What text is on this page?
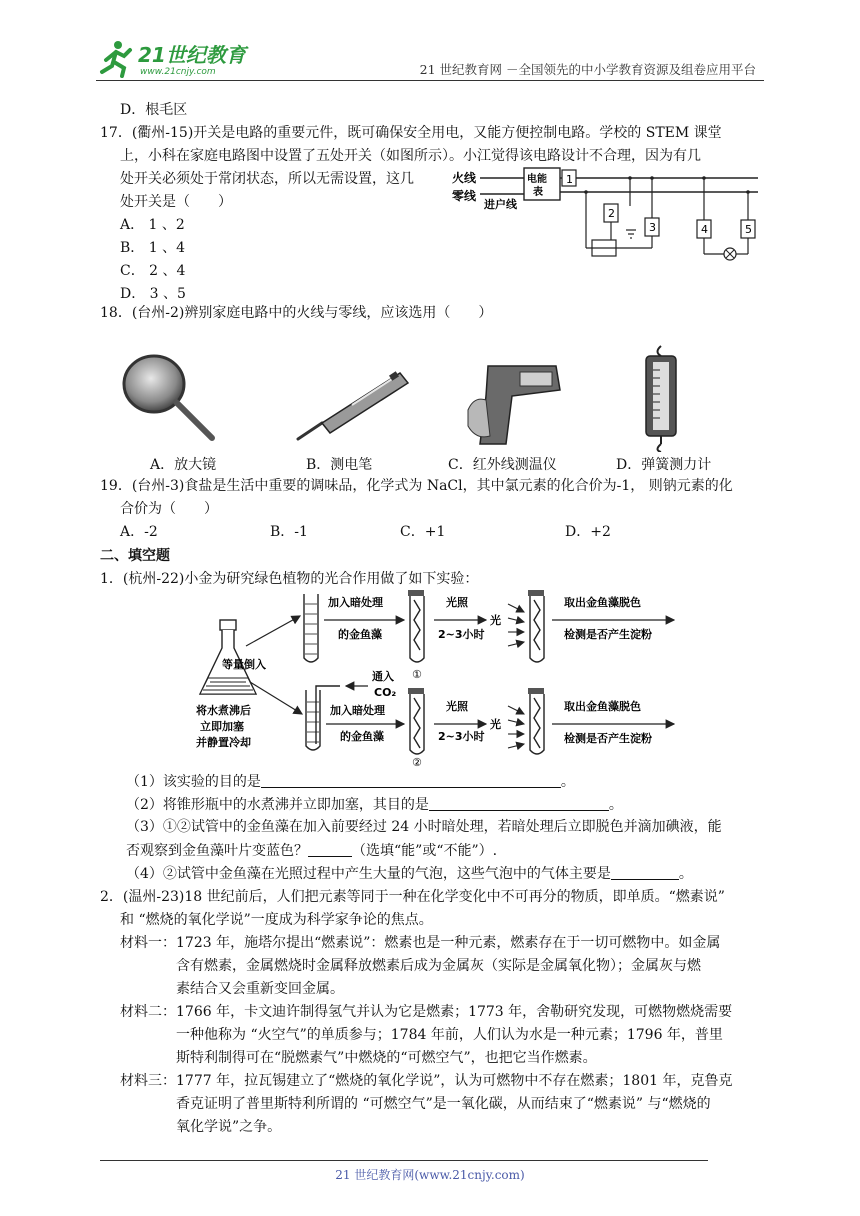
21世纪教育
www.21cnjy.com	21 世纪教育网 －全国领先的中小学教育资源及组卷应用平台
D．根毛区
17．(衢州-15)开关是电路的重要元件，既可确保安全用电，又能方便控制电路。学校的 STEM 课堂
上，小科在家庭电路图中设置了五处开关（如图所示）。小江觉得该电路设计不合理，因为有几
处开关必须处于常闭状态，所以无需设置，这几
处开关是（　　）
A． 1 、2
B． 1 、4
C． 2 、4
D． 3 、5
火线
零线
进户线
电能
表
1
2
3	4	5
18．(台州-2)辨别家庭电路中的火线与零线，应该选用（　　）
A．放大镜	B．测电笔	C．红外线测温仪	D．弹簧测力计
19．(台州-3)食盐是生活中重要的调味品，化学式为 NaCl，其中氯元素的化合价为-1， 则钠元素的化
合价为（　　）
A．-2	B．-1	C．+1	D．+2
二、填空题
1．(杭州-22)小金为研究绿色植物的光合作用做了如下实验：
将水煮沸后
立即加塞
并静置冷却
等量倒入
加入暗处理
的金鱼藻
①
光照
2~3小时
光
取出金鱼藻脱色
检测是否产生淀粉
通入
CO₂
加入暗处理
的金鱼藻
②
光照
2~3小时
光
取出金鱼藻脱色
检测是否产生淀粉
（1）该实验的目的是	。
（2）将锥形瓶中的水煮沸并立即加塞，其目的是	。
（3）①②试管中的金鱼藻在加入前要经过 24 小时暗处理，若暗处理后立即脱色并滴加碘液，能
否观察到金鱼藻叶片变蓝色？	（选填“能”或“不能”）.
（4）②试管中金鱼藻在光照过程中产生大量的气泡，这些气泡中的气体主要是	。
2．(温州-23)18 世纪前后，人们把元素等同于一种在化学变化中不可再分的物质，即单质。“燃素说”
和 “燃烧的氧化学说”一度成为科学家争论的焦点。
材料一：1723 年，施塔尔提出“燃素说”：燃素也是一种元素，燃素存在于一切可燃物中。如金属
含有燃素，金属燃烧时金属释放燃素后成为金属灰（实际是金属氧化物）；金属灰与燃
素结合又会重新变回金属。
材料二：1766 年，卡文迪许制得氢气并认为它是燃素；1773 年，舍勒研究发现，可燃物燃烧需要
一种他称为 “火空气”的单质参与；1784 年前，人们认为水是一种元素；1796 年，普里
斯特利制得可在“脱燃素气”中燃烧的“可燃空气”，也把它当作燃素。
材料三：1777 年，拉瓦锡建立了“燃烧的氧化学说”，认为可燃物中不存在燃素；1801 年，克鲁克
香克证明了普里斯特利所谓的 “可燃空气”是一氧化碳，从而结束了“燃素说” 与“燃烧的
氧化学说”之争。
21 世纪教育网(www.21cnjy.com)
